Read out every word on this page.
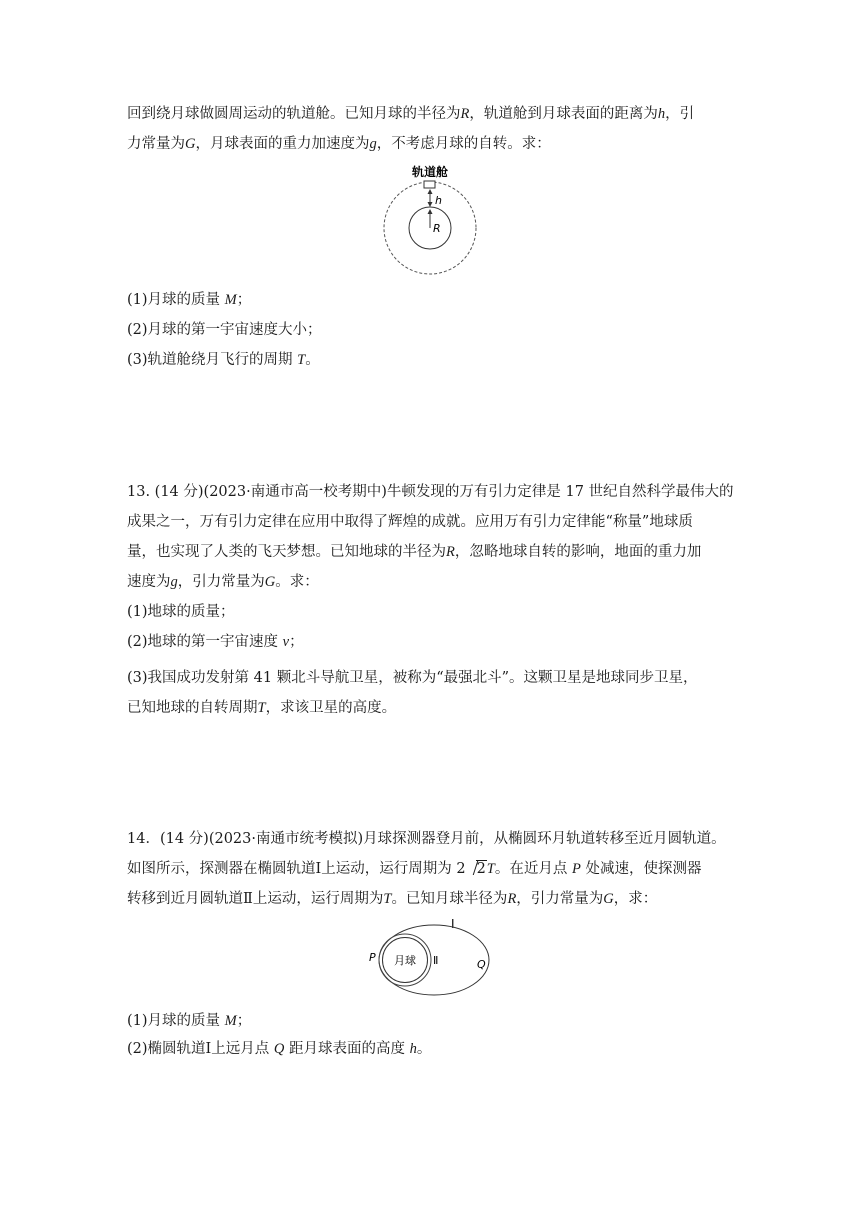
回到绕月球做圆周运动的轨道舱。已知月球的半径为R，轨道舱到月球表面的距离为h，引
力常量为G，月球表面的重力加速度为g，不考虑月球的自转。求：
轨道舱
h
R
(1)月球的质量 M；
(2)月球的第一宇宙速度大小；
(3)轨道舱绕月飞行的周期 T。
13. (14 分)(2023·南通市高一校考期中)牛顿发现的万有引力定律是 17 世纪自然科学最伟大的
成果之一，万有引力定律在应用中取得了辉煌的成就。应用万有引力定律能“称量”地球质
量，也实现了人类的飞天梦想。已知地球的半径为R，忽略地球自转的影响，地面的重力加
速度为g，引力常量为G。求：
(1)地球的质量；
(2)地球的第一宇宙速度 v；
(3)我国成功发射第 41 颗北斗导航卫星，被称为“最强北斗”。这颗卫星是地球同步卫星，
已知地球的自转周期T，求该卫星的高度。
14．(14 分)(2023·南通市统考模拟)月球探测器登月前，从椭圆环月轨道转移至近月圆轨道。
如图所示，探测器在椭圆轨道Ⅰ上运动，运行周期为 2 2T。在近月点 P 处减速，使探测器
转移到近月圆轨道Ⅱ上运动，运行周期为T。已知月球半径为R，引力常量为G，求：
Ⅰ
P 月球 Ⅱ	Q
(1)月球的质量 M；
(2)椭圆轨道Ⅰ上远月点 Q 距月球表面的高度 h。
